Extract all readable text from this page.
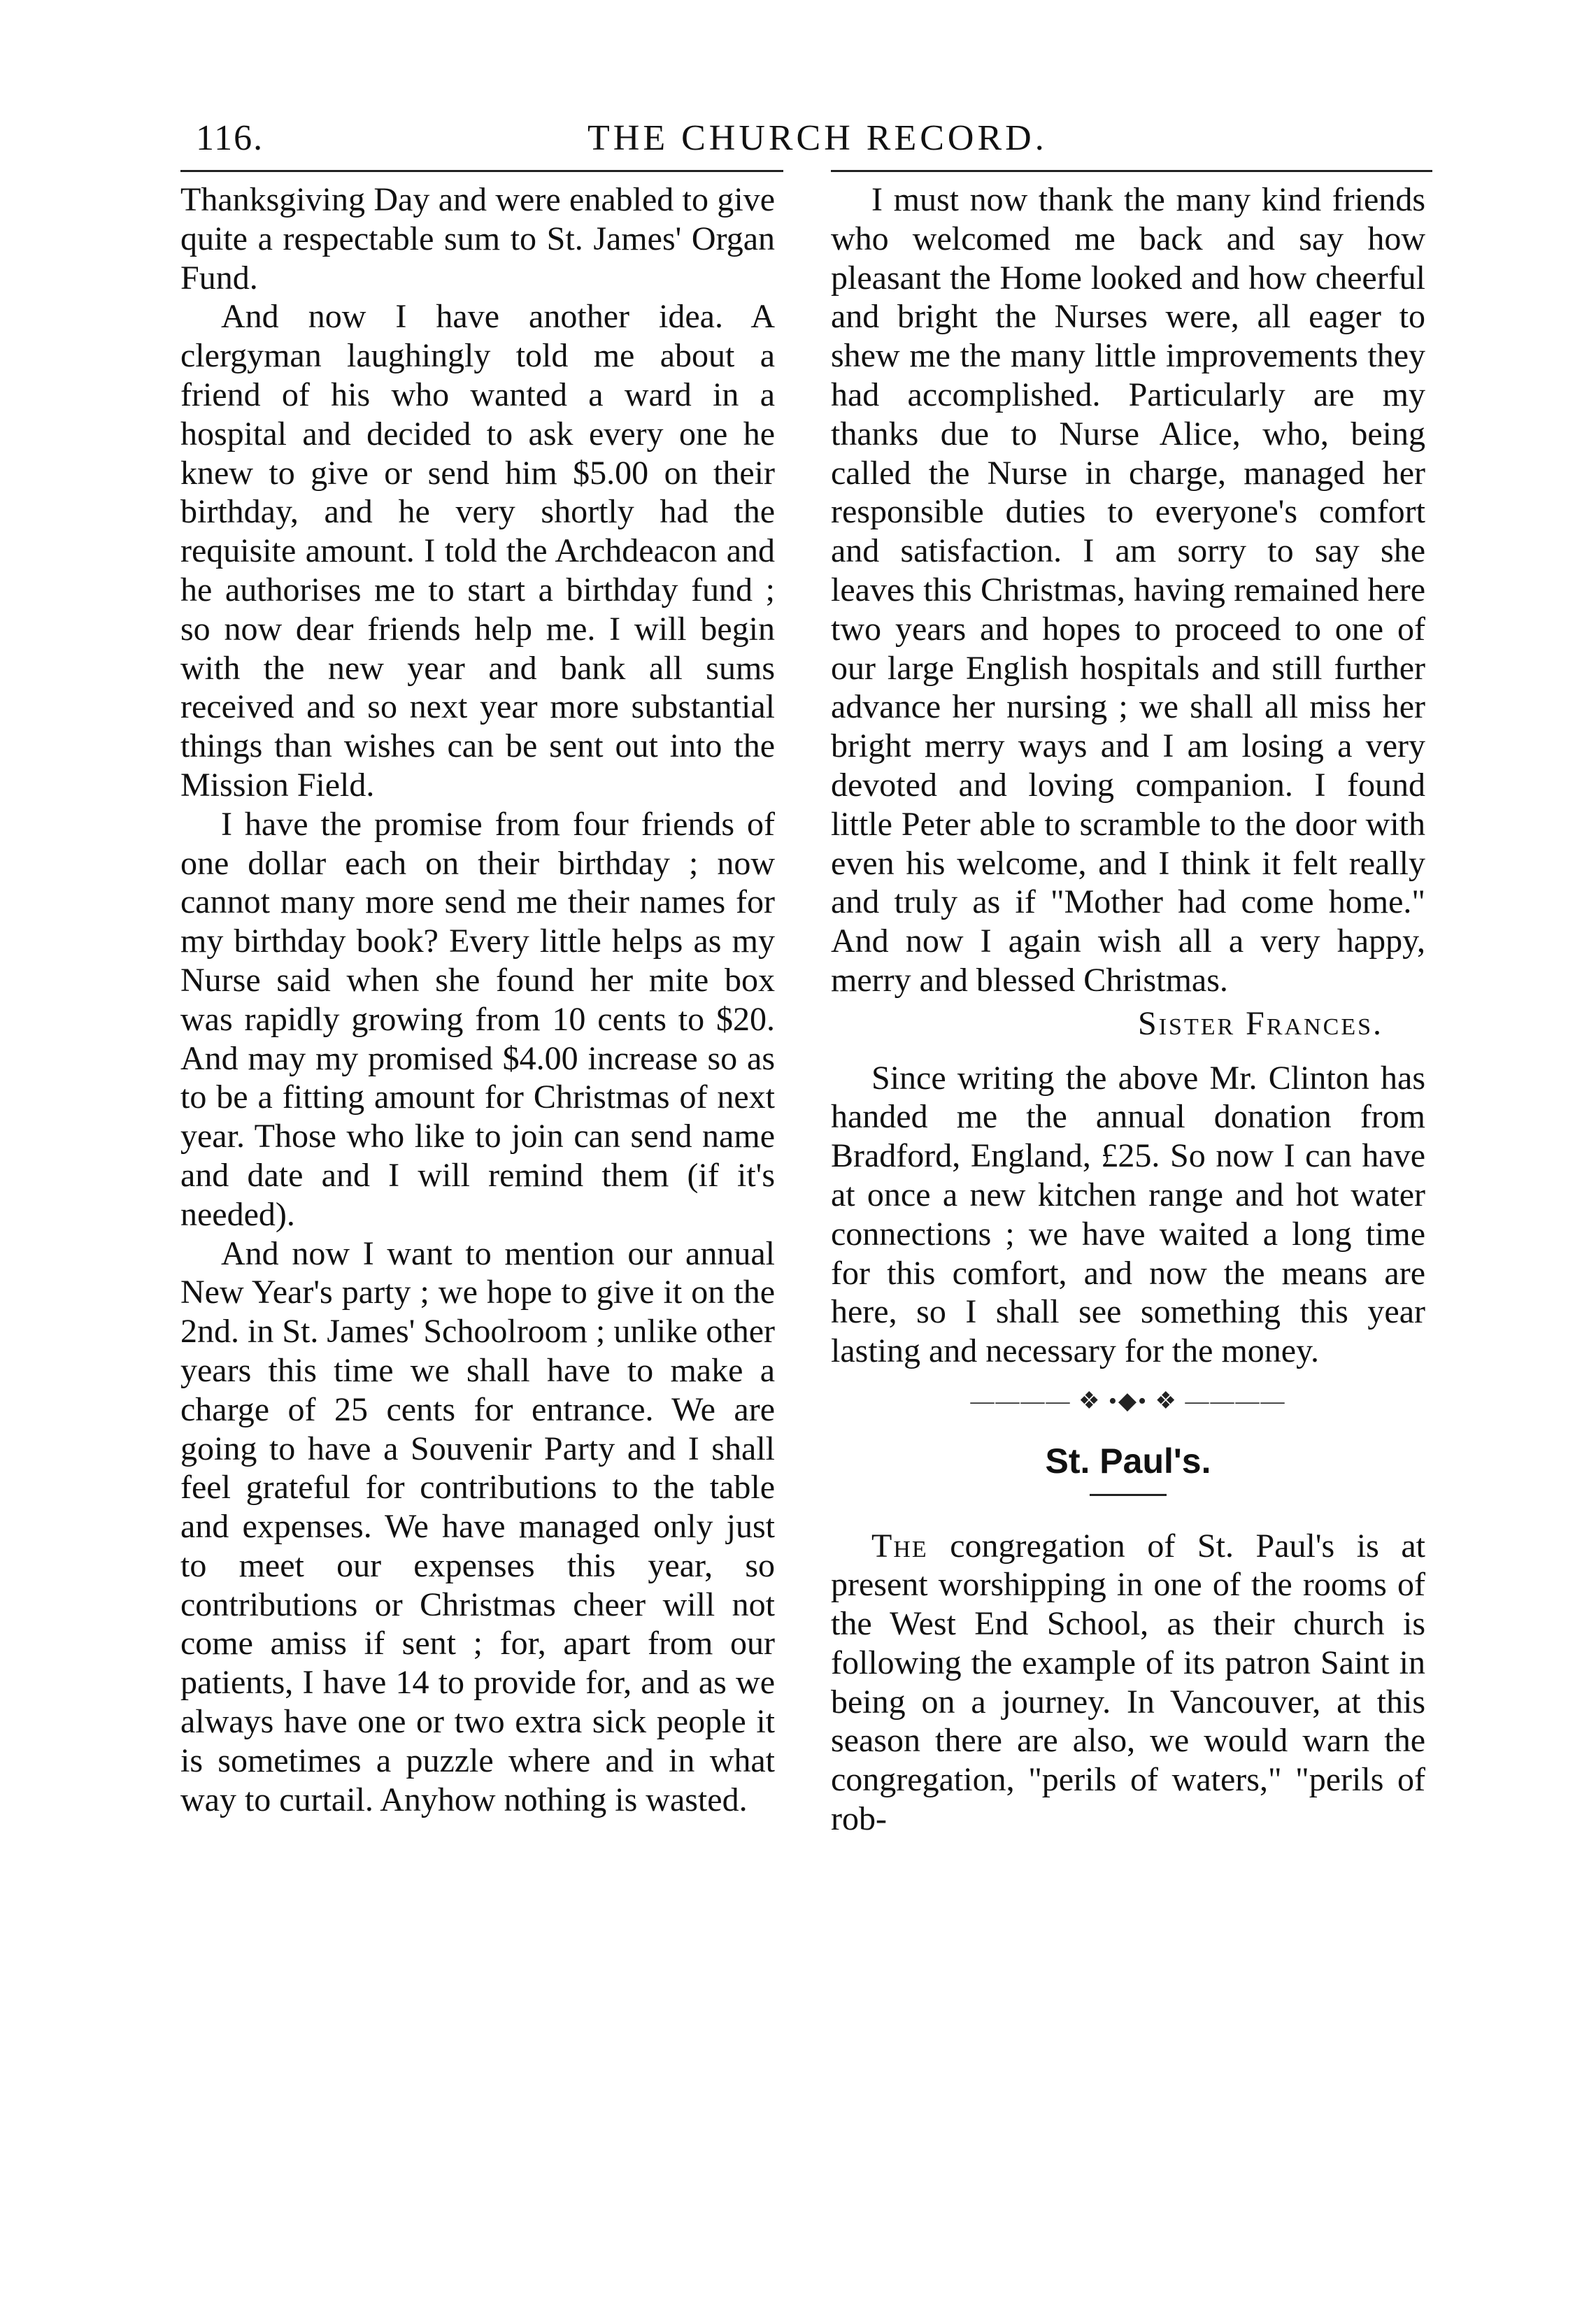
116.	THE CHURCH RECORD.

Thanksgiving Day and were enabled to give quite a respectable sum to St. James' Organ Fund.

And now I have another idea. A clergyman laughingly told me about a friend of his who wanted a ward in a hospital and decided to ask every one he knew to give or send him $5.00 on their birthday, and he very shortly had the requisite amount. I told the Archdeacon and he authorises me to start a birthday fund ; so now dear friends help me. I will begin with the new year and bank all sums received and so next year more substantial things than wishes can be sent out into the Mission Field.

I have the promise from four friends of one dollar each on their birthday ; now cannot many more send me their names for my birthday book? Every little helps as my Nurse said when she found her mite box was rapidly growing from 10 cents to $20. And may my promised $4.00 increase so as to be a fitting amount for Christmas of next year. Those who like to join can send name and date and I will remind them (if it's needed).

And now I want to mention our annual New Year's party ; we hope to give it on the 2nd. in St. James' Schoolroom ; unlike other years this time we shall have to make a charge of 25 cents for entrance. We are going to have a Souvenir Party and I shall feel grateful for contributions to the table and expenses. We have managed only just to meet our expenses this year, so contributions or Christmas cheer will not come amiss if sent ; for, apart from our patients, I have 14 to provide for, and as we always have one or two extra sick people it is sometimes a puzzle where and in what way to curtail. Anyhow nothing is wasted.

I must now thank the many kind friends who welcomed me back and say how pleasant the Home looked and how cheerful and bright the Nurses were, all eager to shew me the many little improvements they had accomplished. Particularly are my thanks due to Nurse Alice, who, being called the Nurse in charge, managed her responsible duties to everyone's comfort and satisfaction. I am sorry to say she leaves this Christmas, having remained here two years and hopes to proceed to one of our large English hospitals and still further advance her nursing ; we shall all miss her bright merry ways and I am losing a very devoted and loving companion. I found little Peter able to scramble to the door with even his welcome, and I think it felt really and truly as if "Mother had come home." And now I again wish all a very happy, merry and blessed Christmas.

Sister Frances.

Since writing the above Mr. Clinton has handed me the annual donation from Bradford, England, £25. So now I can have at once a new kitchen range and hot water connections ; we have waited a long time for this comfort, and now the means are here, so I shall see something this year lasting and necessary for the money.

———— ❖ •◆• ❖ ————
St. Paul's.

The congregation of St. Paul's is at present worshipping in one of the rooms of the West End School, as their church is following the example of its patron Saint in being on a journey. In Vancouver, at this season there are also, we would warn the congregation, "perils of waters," "perils of rob-
